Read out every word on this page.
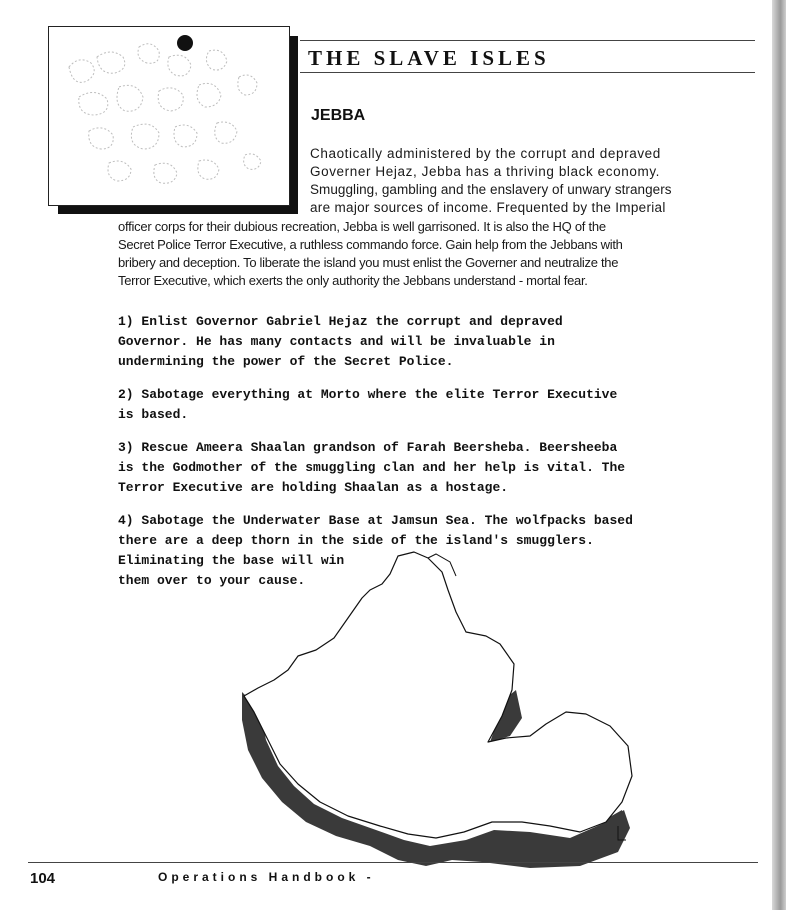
THE SLAVE ISLES
JEBBA
Chaotically administered by the corrupt and depraved
Governer Hejaz, Jebba has a thriving black economy.
Smuggling, gambling and the enslavery of unwary strangers
are major sources of income. Frequented by the Imperial
officer corps for their dubious recreation, Jebba is well garrisoned. It is also the HQ of the
Secret Police Terror Executive, a ruthless commando force. Gain help from the Jebbans with
bribery and deception. To liberate the island you must enlist the Governer and neutralize the
Terror Executive, which exerts the only authority the Jebbans understand - mortal fear.
1) Enlist Governor Gabriel Hejaz the corrupt and depraved
Governor. He has many contacts and will be invaluable in
undermining the power of the Secret Police.
2) Sabotage everything at Morto where the elite Terror Executive
is based.
3) Rescue Ameera Shaalan grandson of Farah Beersheba. Beersheeba
is the Godmother of the smuggling clan and her help is vital. The
Terror Executive are holding Shaalan as a hostage.
4) Sabotage the Underwater Base at Jamsun Sea. The wolfpacks based
there are a deep thorn in the side of the island's smugglers.
Eliminating the base will win
them over to your cause.
104	Operations Handbook -
